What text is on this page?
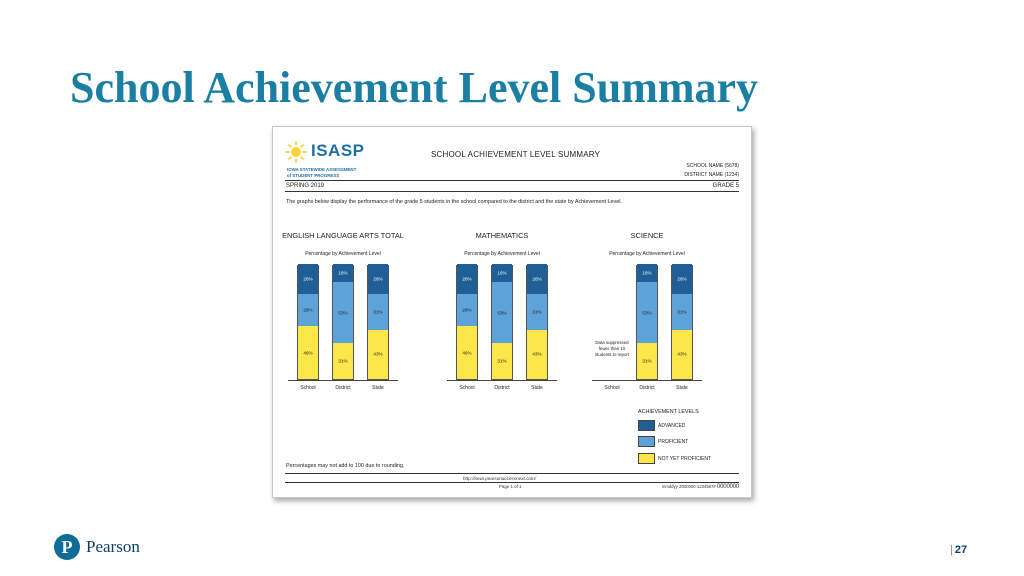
School Achievement Level Summary
ISASP
IOWA STATEWIDE ASSESSMENT
of STUDENT PROGRESS
SCHOOL ACHIEVEMENT LEVEL SUMMARY
SCHOOL NAME (5678)
DISTRICT NAME (1234)
SPRING 2019	GRADE 5
The graphs below display the performance of the grade 5 students in the school compared to the district and the state by Achievement Level.
ACHIEVEMENT LEVELS
ADVANCED
PROFICIENT
NOT YET PROFICIENT
Percentages may not add to 100 due to rounding.
http://iowa.pearsonaccessnext.com/
Page 1 of 1	mmddyy-Z000000-1234567#-0000000
ENGLISH LANGUAGE ARTS TOTAL
Percentage by Achievement Level
46%
28%
26%
School
31%
53%
16%
District
43%
31%
26%
State
MATHEMATICS
Percentage by Achievement Level
46%
28%
26%
School
31%
53%
16%
District
43%
31%
26%
State
SCIENCE
Percentage by Achievement Level
Data suppressed fewer than 10 students to report
School
31%
53%
16%
District
43%
31%
26%
State
P Pearson	| 27
